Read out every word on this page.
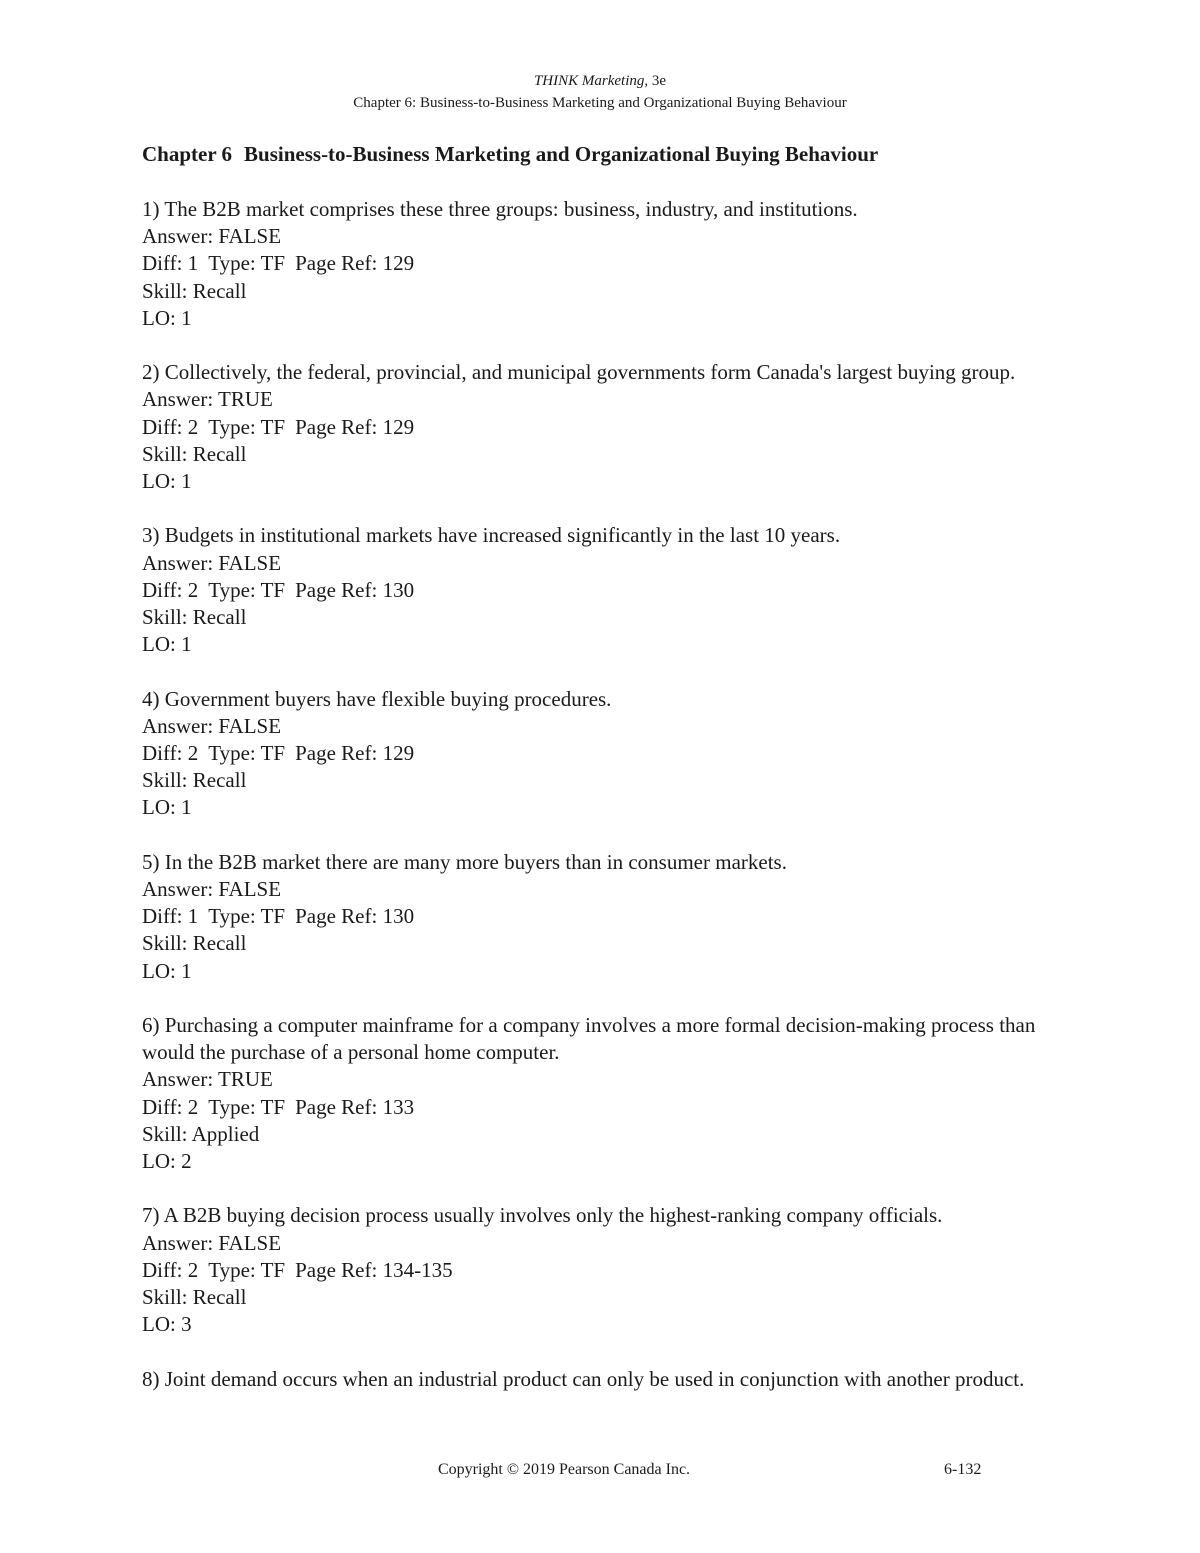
THINK Marketing, 3e
Chapter 6: Business-to-Business Marketing and Organizational Buying Behaviour
Chapter 6 Business-to-Business Marketing and Organizational Buying Behaviour
1) The B2B market comprises these three groups: business, industry, and institutions.
Answer: FALSE
Diff: 1 Type: TF Page Ref: 129
Skill: Recall
LO: 1
2) Collectively, the federal, provincial, and municipal governments form Canada's largest buying group.
Answer: TRUE
Diff: 2 Type: TF Page Ref: 129
Skill: Recall
LO: 1
3) Budgets in institutional markets have increased significantly in the last 10 years.
Answer: FALSE
Diff: 2 Type: TF Page Ref: 130
Skill: Recall
LO: 1
4) Government buyers have flexible buying procedures.
Answer: FALSE
Diff: 2 Type: TF Page Ref: 129
Skill: Recall
LO: 1
5) In the B2B market there are many more buyers than in consumer markets.
Answer: FALSE
Diff: 1 Type: TF Page Ref: 130
Skill: Recall
LO: 1
6) Purchasing a computer mainframe for a company involves a more formal decision-making process than would the purchase of a personal home computer.
Answer: TRUE
Diff: 2 Type: TF Page Ref: 133
Skill: Applied
LO: 2
7) A B2B buying decision process usually involves only the highest-ranking company officials.
Answer: FALSE
Diff: 2 Type: TF Page Ref: 134-135
Skill: Recall
LO: 3
8) Joint demand occurs when an industrial product can only be used in conjunction with another product.
Copyright © 2019 Pearson Canada Inc.	6-132
